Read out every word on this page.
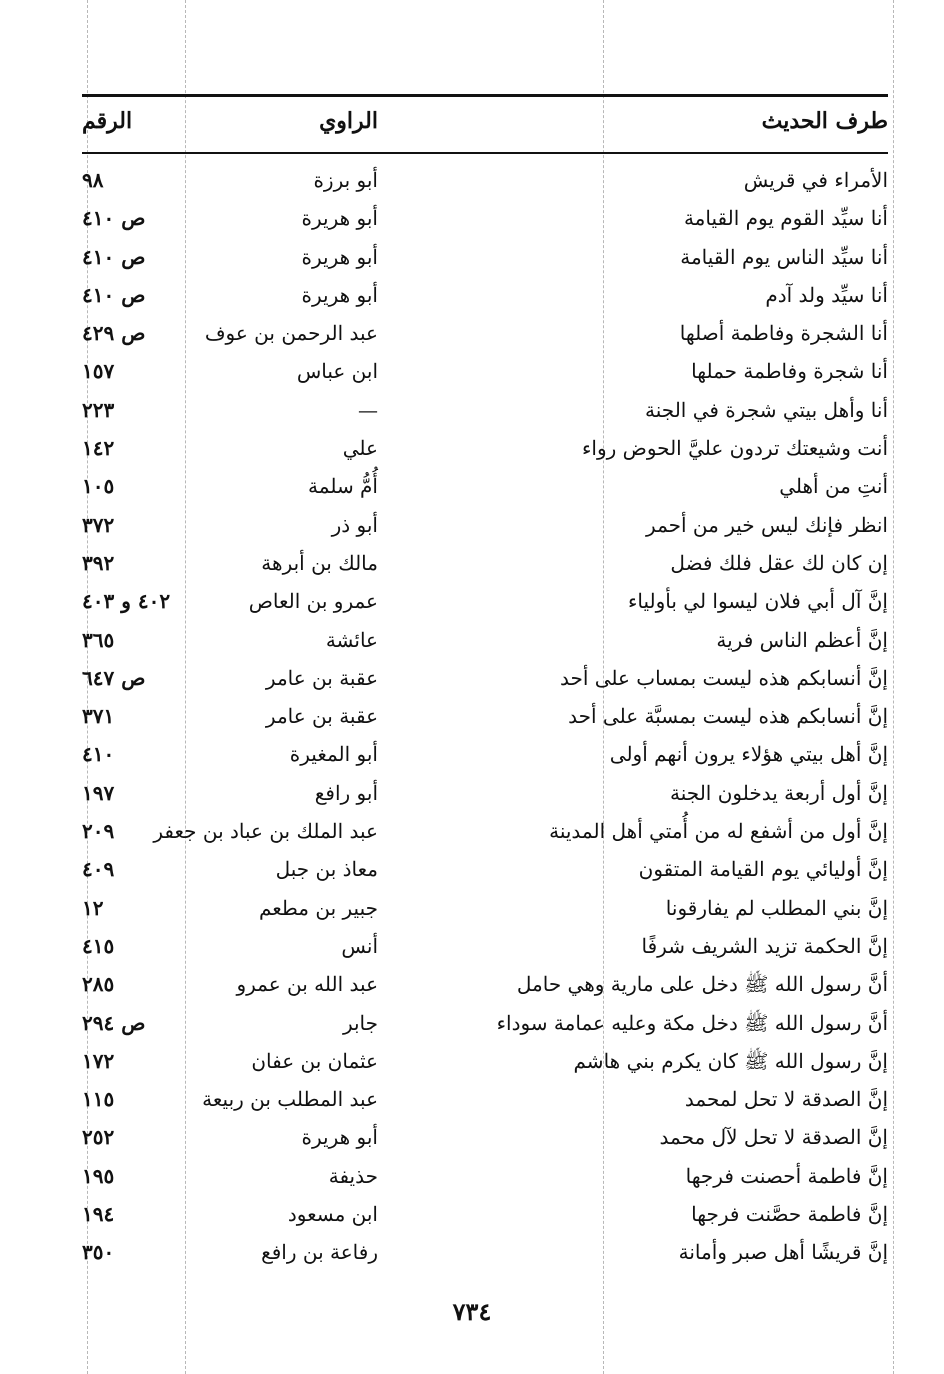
طرف الحديث
الراوي
الرقم
الأمراء في قريش
أبو برزة
٩٨
أنا سيِّد القوم يوم القيامة
أبو هريرة
ص ٤١٠
أنا سيِّد الناس يوم القيامة
أبو هريرة
ص ٤١٠
أنا سيِّد ولد آدم
أبو هريرة
ص ٤١٠
أنا الشجرة وفاطمة أصلها
عبد الرحمن بن عوف
ص ٤٢٩
أنا شجرة وفاطمة حملها
ابن عباس
١٥٧
أنا وأهل بيتي شجرة في الجنة
—
٢٢٣
أنت وشيعتك تردون عليَّ الحوض رواء
علي
١٤٢
أنتِ من أهلي
أُمُّ سلمة
١٠٥
انظر فإنك ليس خير من أحمر
أبو ذر
٣٧٢
إن كان لك عقل فلك فضل
مالك بن أبرهة
٣٩٢
إنَّ آل أبي فلان ليسوا لي بأولياء
عمرو بن العاص
٤٠٢ و ٤٠٣
إنَّ أعظم الناس فرية
عائشة
٣٦٥
إنَّ أنسابكم هذه ليست بمساب على أحد
عقبة بن عامر
ص ٦٤٧
إنَّ أنسابكم هذه ليست بمسبَّة على أحد
عقبة بن عامر
٣٧١
إنَّ أهل بيتي هؤلاء يرون أنهم أولى
أبو المغيرة
٤١٠
إنَّ أول أربعة يدخلون الجنة
أبو رافع
١٩٧
إنَّ أول من أشفع له من أُمتي أهل المدينة
عبد الملك بن عباد بن جعفر
٢٠٩
إنَّ أوليائي يوم القيامة المتقون
معاذ بن جبل
٤٠٩
إنَّ بني المطلب لم يفارقونا
جبير بن مطعم
١٢
إنَّ الحكمة تزيد الشريف شرفًا
أنس
٤١٥
أنَّ رسول الله ﷺ دخل على مارية وهي حامل
عبد الله بن عمرو
٢٨٥
أنَّ رسول الله ﷺ دخل مكة وعليه عمامة سوداء
جابر
ص ٢٩٤
إنَّ رسول الله ﷺ كان يكرم بني هاشم
عثمان بن عفان
١٧٢
إنَّ الصدقة لا تحل لمحمد
عبد المطلب بن ربيعة
١١٥
إنَّ الصدقة لا تحل لآل محمد
أبو هريرة
٢٥٢
إنَّ فاطمة أحصنت فرجها
حذيفة
١٩٥
إنَّ فاطمة حصَّنت فرجها
ابن مسعود
١٩٤
إنَّ قريشًا أهل صبر وأمانة
رفاعة بن رافع
٣٥٠
٧٣٤
